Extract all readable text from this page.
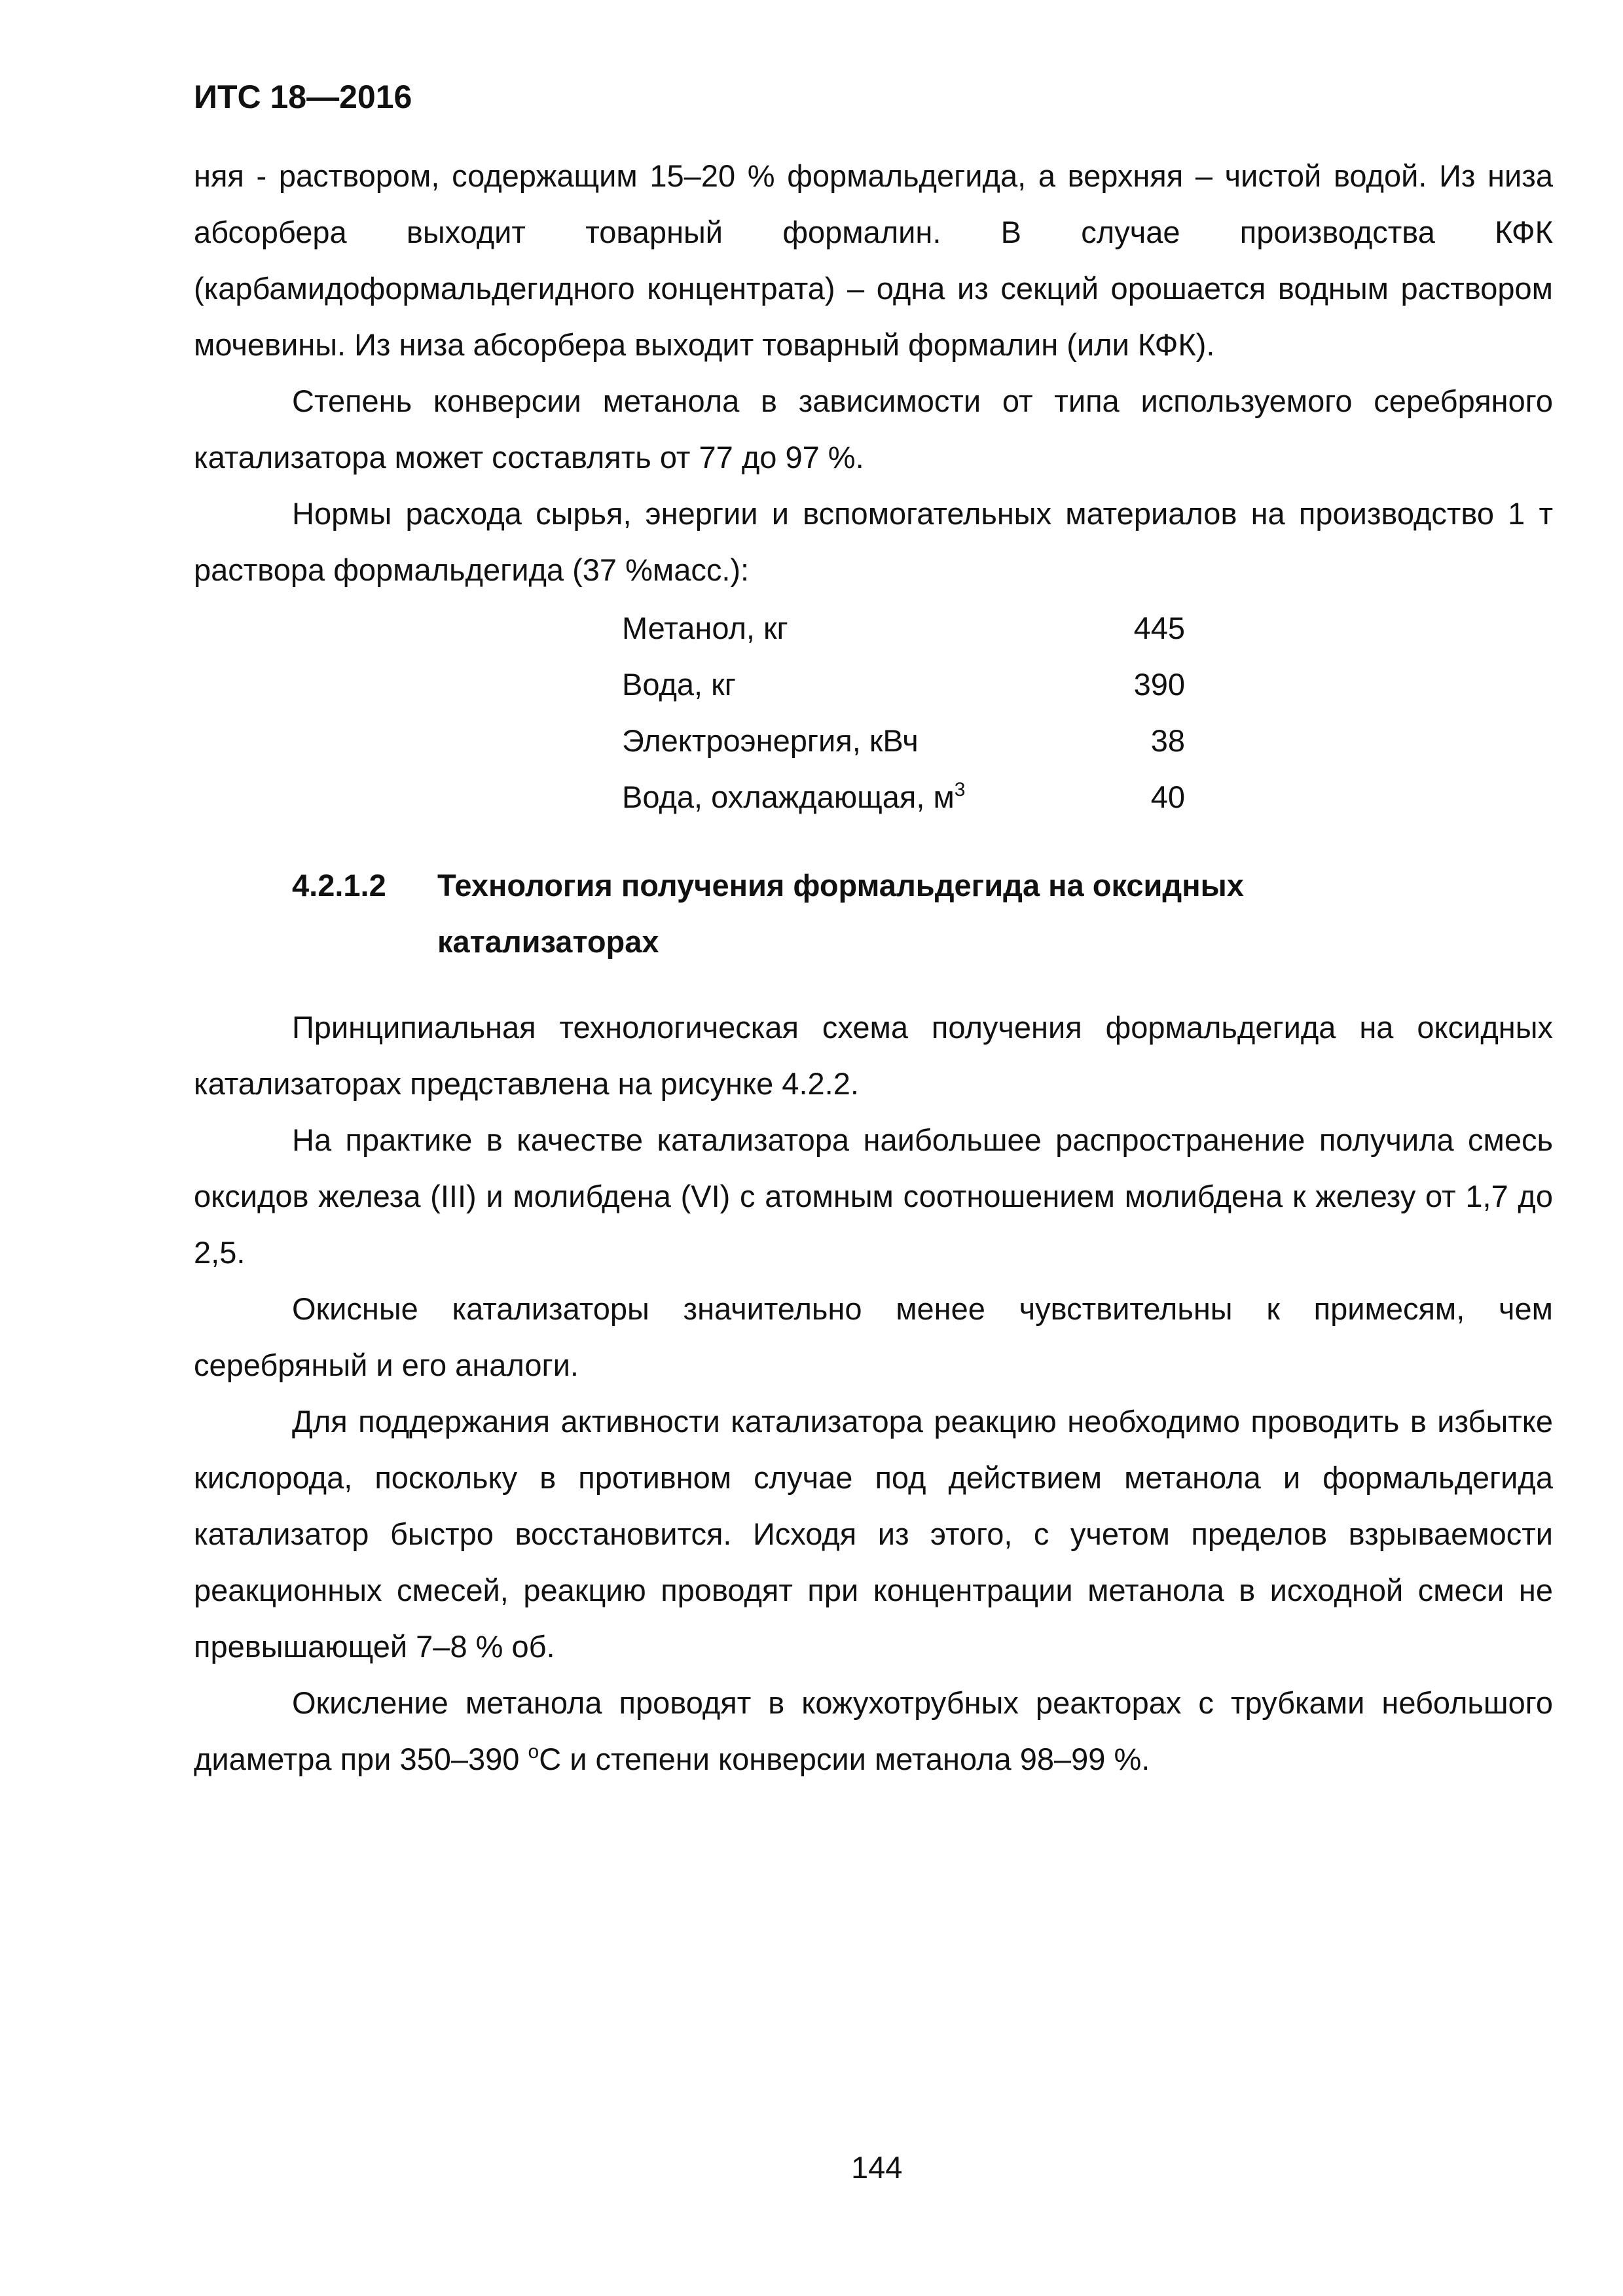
ИТС 18—2016

няя - раствором, содержащим 15–20 % формальдегида, а верхняя – чистой водой. Из низа абсорбера выходит товарный формалин. В случае производства КФК (карбамидоформальдегидного концентрата) – одна из секций орошается водным раствором мочевины. Из низа абсорбера выходит товарный формалин (или КФК).

Степень конверсии метанола в зависимости от типа используемого серебряного катализатора может составлять от 77 до 97 %.

Нормы расхода сырья, энергии и вспомогательных материалов на производство 1 т раствора формальдегида (37 %масс.):

Метанол, кг	445
Вода, кг	390
Электроэнергия, кВч	38
Вода, охлаждающая, $м^3$	40
4.2.1.2 Технология получения формальдегида на оксидных катализаторах

Принципиальная технологическая схема получения формальдегида на оксидных катализаторах представлена на рисунке 4.2.2.

На практике в качестве катализатора наибольшее распространение получила смесь оксидов железа (III) и молибдена (VI) с атомным соотношением молибдена к железу от 1,7 до 2,5.

Окисные катализаторы значительно менее чувствительны к примесям, чем серебряный и его аналоги.

Для поддержания активности катализатора реакцию необходимо проводить в избытке кислорода, поскольку в противном случае под действием метанола и формальдегида катализатор быстро восстановится. Исходя из этого, с учетом пределов взрываемости реакционных смесей, реакцию проводят при концентрации метанола в исходной смеси не превышающей 7–8 % об.

Окисление метанола проводят в кожухотрубных реакторах с трубками небольшого диаметра при 350–390 $^o$C и степени конверсии метанола 98–99 %.

144
